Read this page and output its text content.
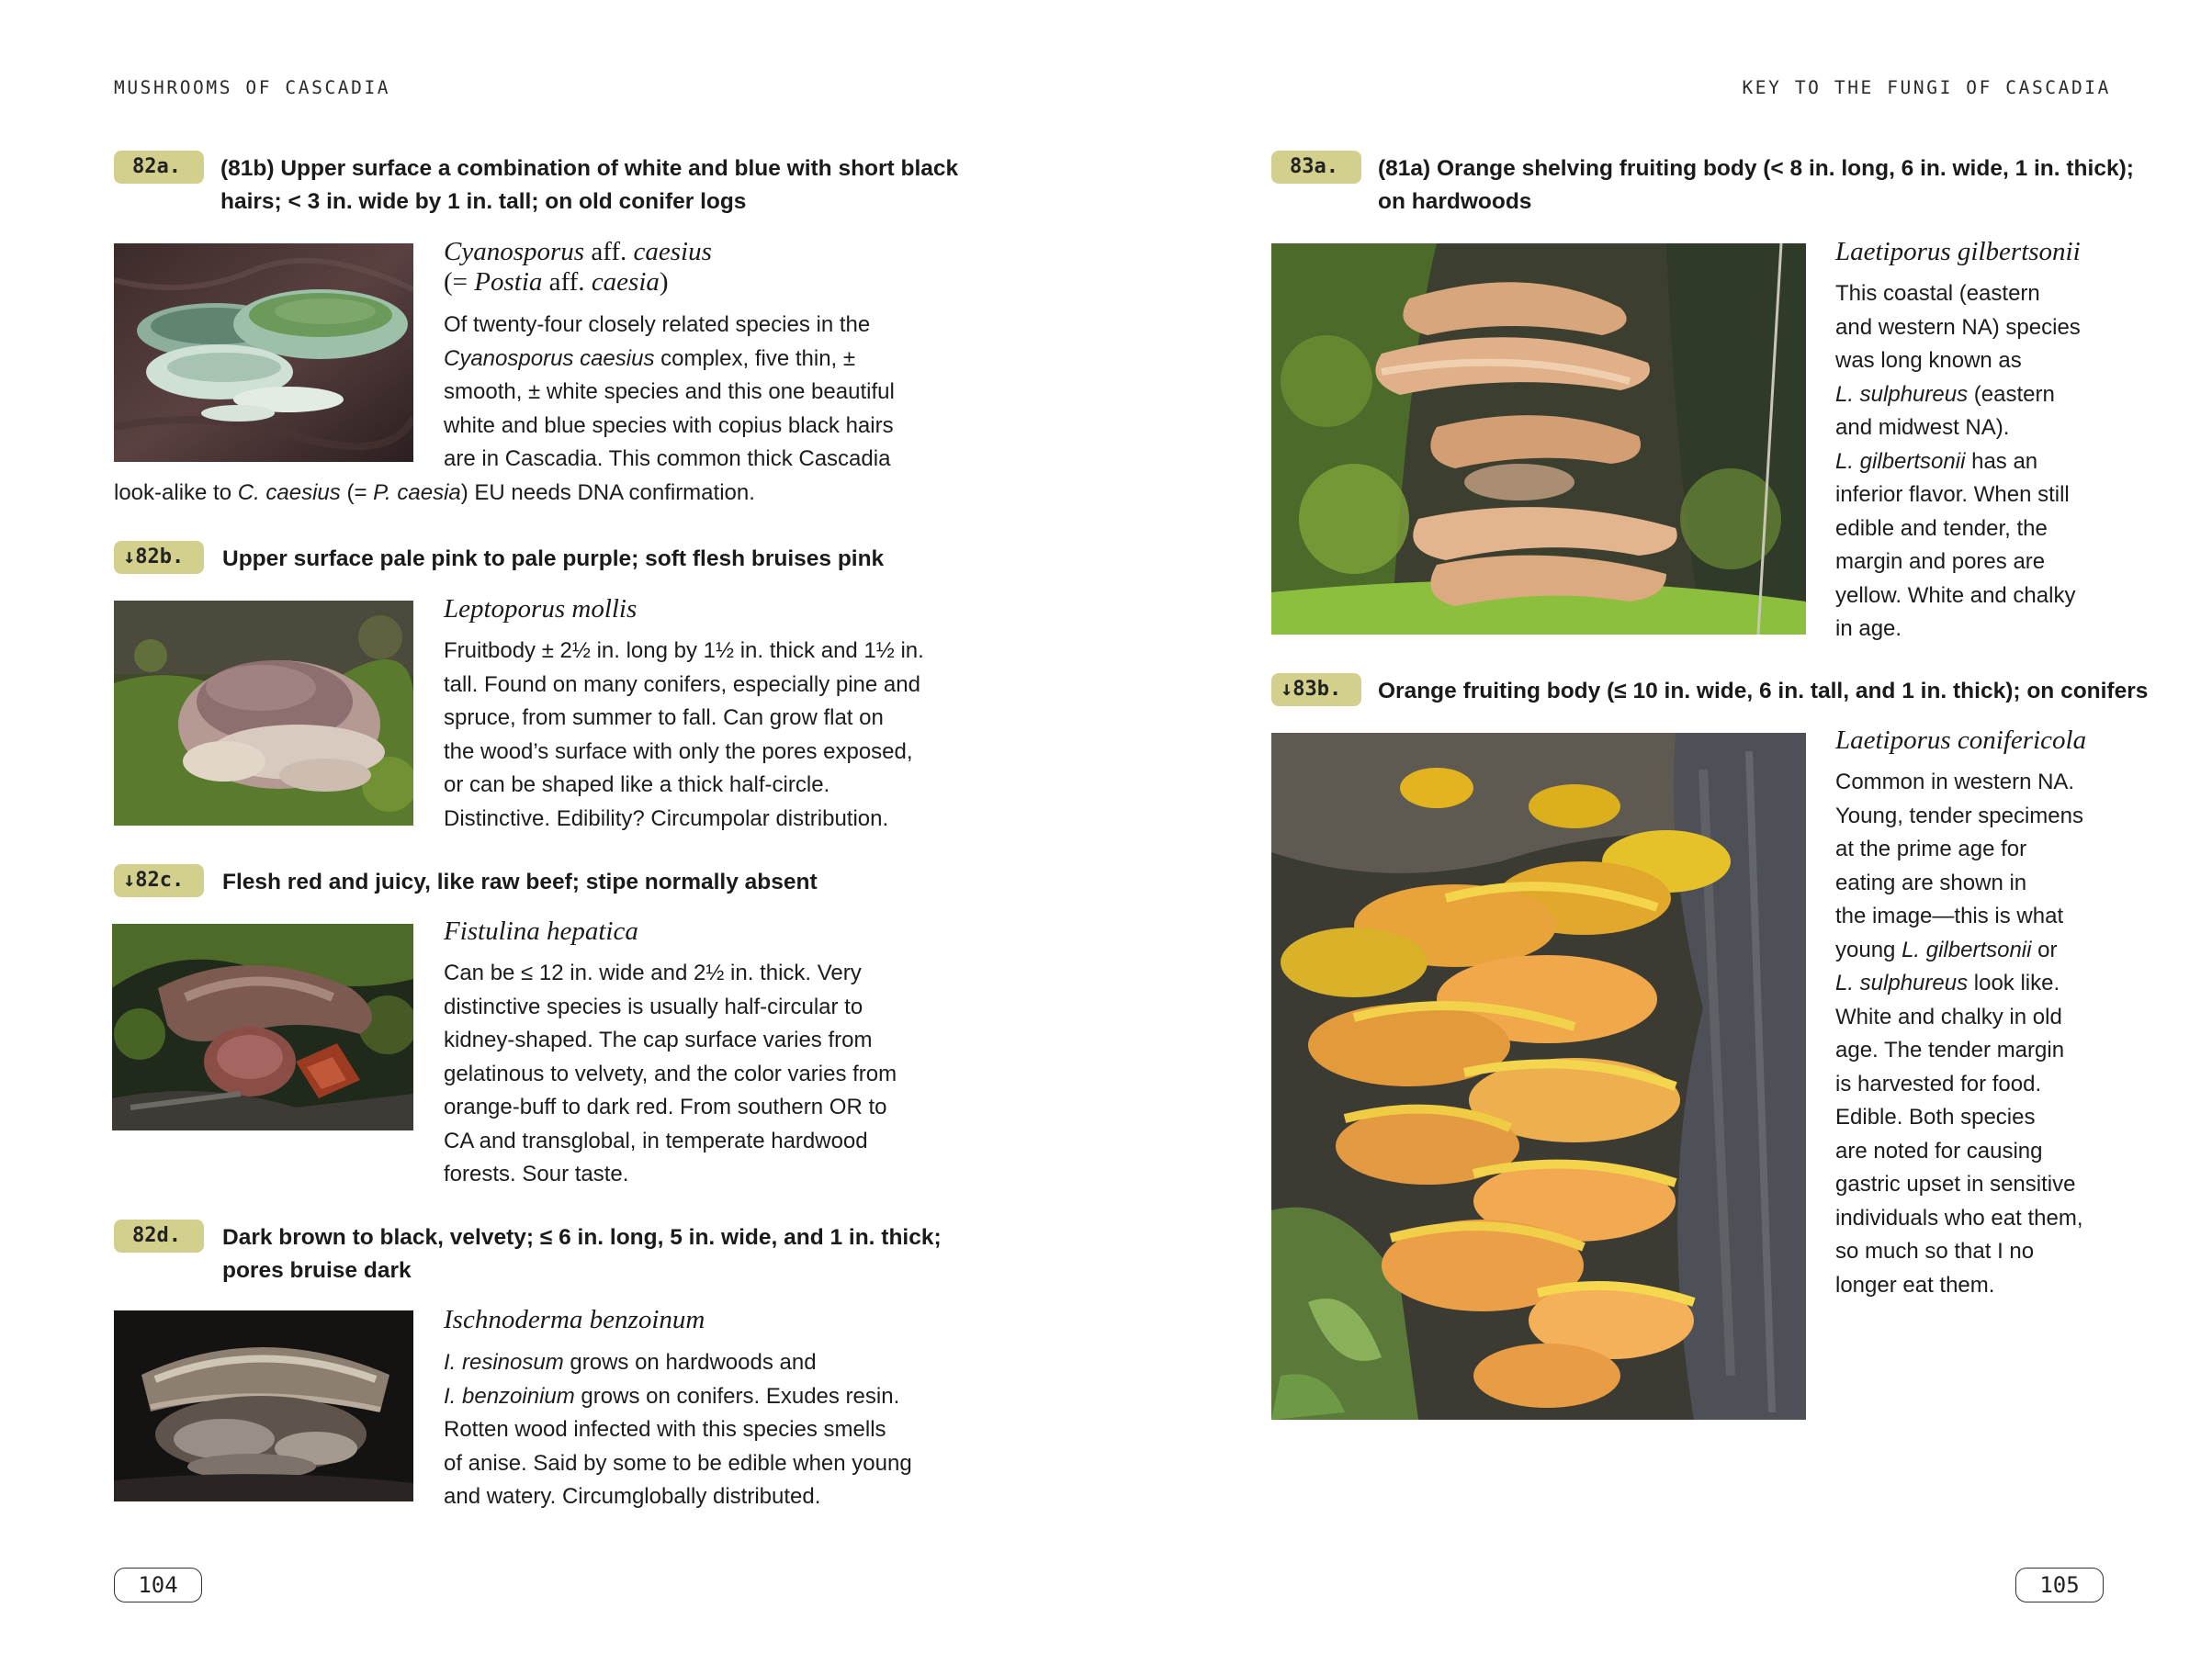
MUSHROOMS OF CASCADIA	KEY TO THE FUNGI OF CASCADIA
82a.	(81b) Upper surface a combination of white and blue with short black
hairs; < 3 in. wide by 1 in. tall; on old conifer logs
Cyanosporus aff. caesius
(= Postia aff. caesia)
Of twenty-four closely related species in the
Cyanosporus caesius complex, five thin, ±
smooth, ± white species and this one beautiful
white and blue species with copius black hairs
are in Cascadia. This common thick Cascadia
look-alike to C. caesius (= P. caesia) EU needs DNA confirmation.
↓82b.	Upper surface pale pink to pale purple; soft flesh bruises pink
Leptoporus mollis
Fruitbody ± 2½ in. long by 1½ in. thick and 1½ in.
tall. Found on many conifers, especially pine and
spruce, from summer to fall. Can grow flat on
the wood’s surface with only the pores exposed,
or can be shaped like a thick half-circle.
Distinctive. Edibility? Circumpolar distribution.
↓82c.	Flesh red and juicy, like raw beef; stipe normally absent
Fistulina hepatica
Can be ≤ 12 in. wide and 2½ in. thick. Very
distinctive species is usually half-circular to
kidney-shaped. The cap surface varies from
gelatinous to velvety, and the color varies from
orange-buff to dark red. From southern OR to
CA and transglobal, in temperate hardwood
forests. Sour taste.
82d.	Dark brown to black, velvety; ≤ 6 in. long, 5 in. wide, and 1 in. thick;
pores bruise dark
Ischnoderma benzoinum
I. resinosum grows on hardwoods and
I. benzoinium grows on conifers. Exudes resin.
Rotten wood infected with this species smells
of anise. Said by some to be edible when young
and watery. Circumglobally distributed.
104
83a.	(81a) Orange shelving fruiting body (< 8 in. long, 6 in. wide, 1 in. thick);
on hardwoods
Laetiporus gilbertsonii
This coastal (eastern
and western NA) species
was long known as
L. sulphureus (eastern
and midwest NA).
L. gilbertsonii has an
inferior flavor. When still
edible and tender, the
margin and pores are
yellow. White and chalky
in age.
↓83b.	Orange fruiting body (≤ 10 in. wide, 6 in. tall, and 1 in. thick); on conifers
Laetiporus conifericola
Common in western NA.
Young, tender specimens
at the prime age for
eating are shown in
the image—this is what
young L. gilbertsonii or
L. sulphureus look like.
White and chalky in old
age. The tender margin
is harvested for food.
Edible. Both species
are noted for causing
gastric upset in sensitive
individuals who eat them,
so much so that I no
longer eat them.
105
